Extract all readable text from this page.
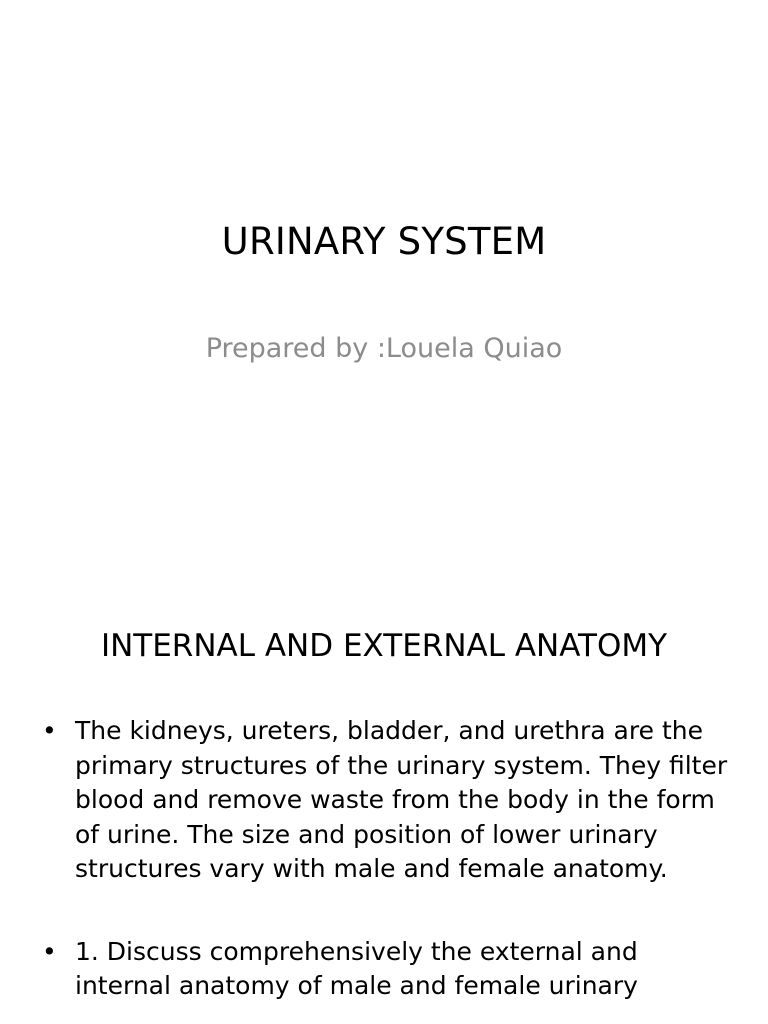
URINARY SYSTEM
Prepared by :Louela Quiao
INTERNAL AND EXTERNAL ANATOMY
• The kidneys, ureters, bladder, and urethra are the primary structures of the urinary system. They filter blood and remove waste from the body in the form of urine. The size and position of lower urinary structures vary with male and female anatomy.
• 1. Discuss comprehensively the external and internal anatomy of male and female urinary
